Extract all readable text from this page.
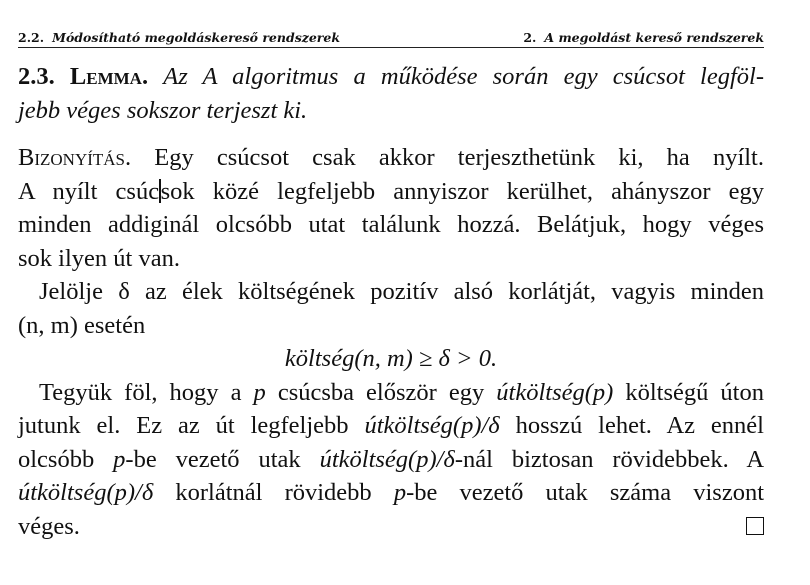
2.2. Módosítható megoldáskereső rendszerek	2. A megoldást kereső rendszerek
2.3. Lemma. Az A algoritmus a működése során egy csúcsot legföl-
jebb véges sokszor terjeszt ki.
Bizonyítás. Egy csúcsot csak akkor terjeszthetünk ki, ha nyílt.
A nyílt csúcsok közé legfeljebb annyiszor kerülhet, ahányszor egy
minden addiginál olcsóbb utat találunk hozzá. Belátjuk, hogy véges
sok ilyen út van.
Jelölje δ az élek költségének pozitív alsó korlátját, vagyis minden
(n, m) esetén
költség(n, m) ≥ δ > 0.
Tegyük föl, hogy a p csúcsba először egy útköltség(p) költségű úton
jutunk el. Ez az út legfeljebb útköltség(p)/δ hosszú lehet. Az ennél
olcsóbb p-be vezető utak útköltség(p)/δ-nál biztosan rövidebbek. A
útköltség(p)/δ korlátnál rövidebb p-be vezető utak száma viszont
véges.
